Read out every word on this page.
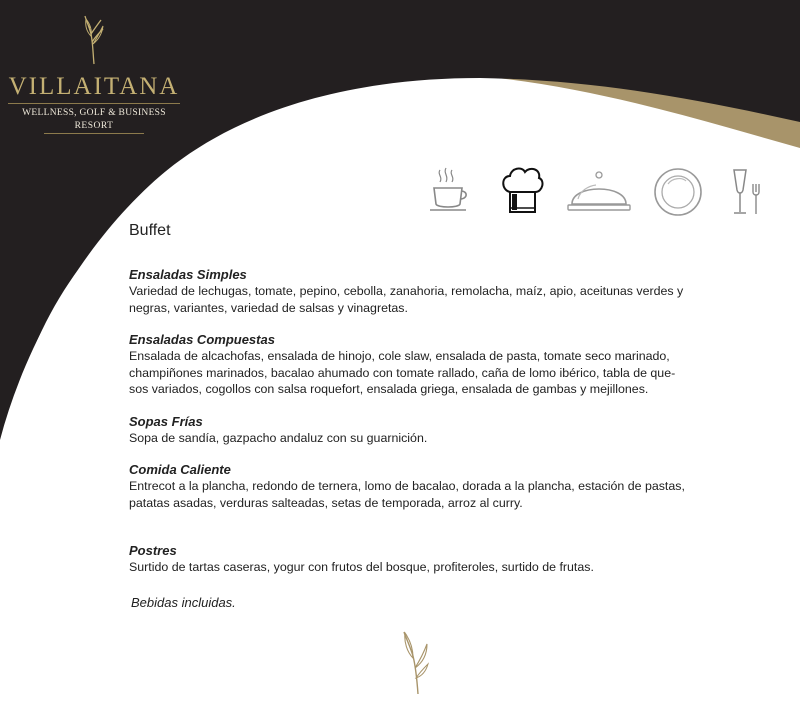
VILLAITANA
WELLNESS, GOLF & BUSINESS
RESORT
Buffet
Ensaladas Simples
Variedad de lechugas, tomate, pepino, cebolla, zanahoria, remolacha, maíz, apio, aceitunas verdes y
negras, variantes, variedad de salsas y vinagretas.
Ensaladas Compuestas
Ensalada de alcachofas, ensalada de hinojo, cole slaw, ensalada de pasta, tomate seco marinado,
champiñones marinados, bacalao ahumado con tomate rallado, caña de lomo ibérico, tabla de que-
sos variados, cogollos con salsa roquefort, ensalada griega, ensalada de gambas y mejillones.
Sopas Frías
Sopa de sandía, gazpacho andaluz con su guarnición.
Comida Caliente
Entrecot a la plancha, redondo de ternera, lomo de bacalao, dorada a la plancha, estación de pastas,
patatas asadas, verduras salteadas, setas de temporada, arroz al curry.
Postres
Surtido de tartas caseras, yogur con frutos del bosque, profiteroles, surtido de frutas.
Bebidas incluidas.
